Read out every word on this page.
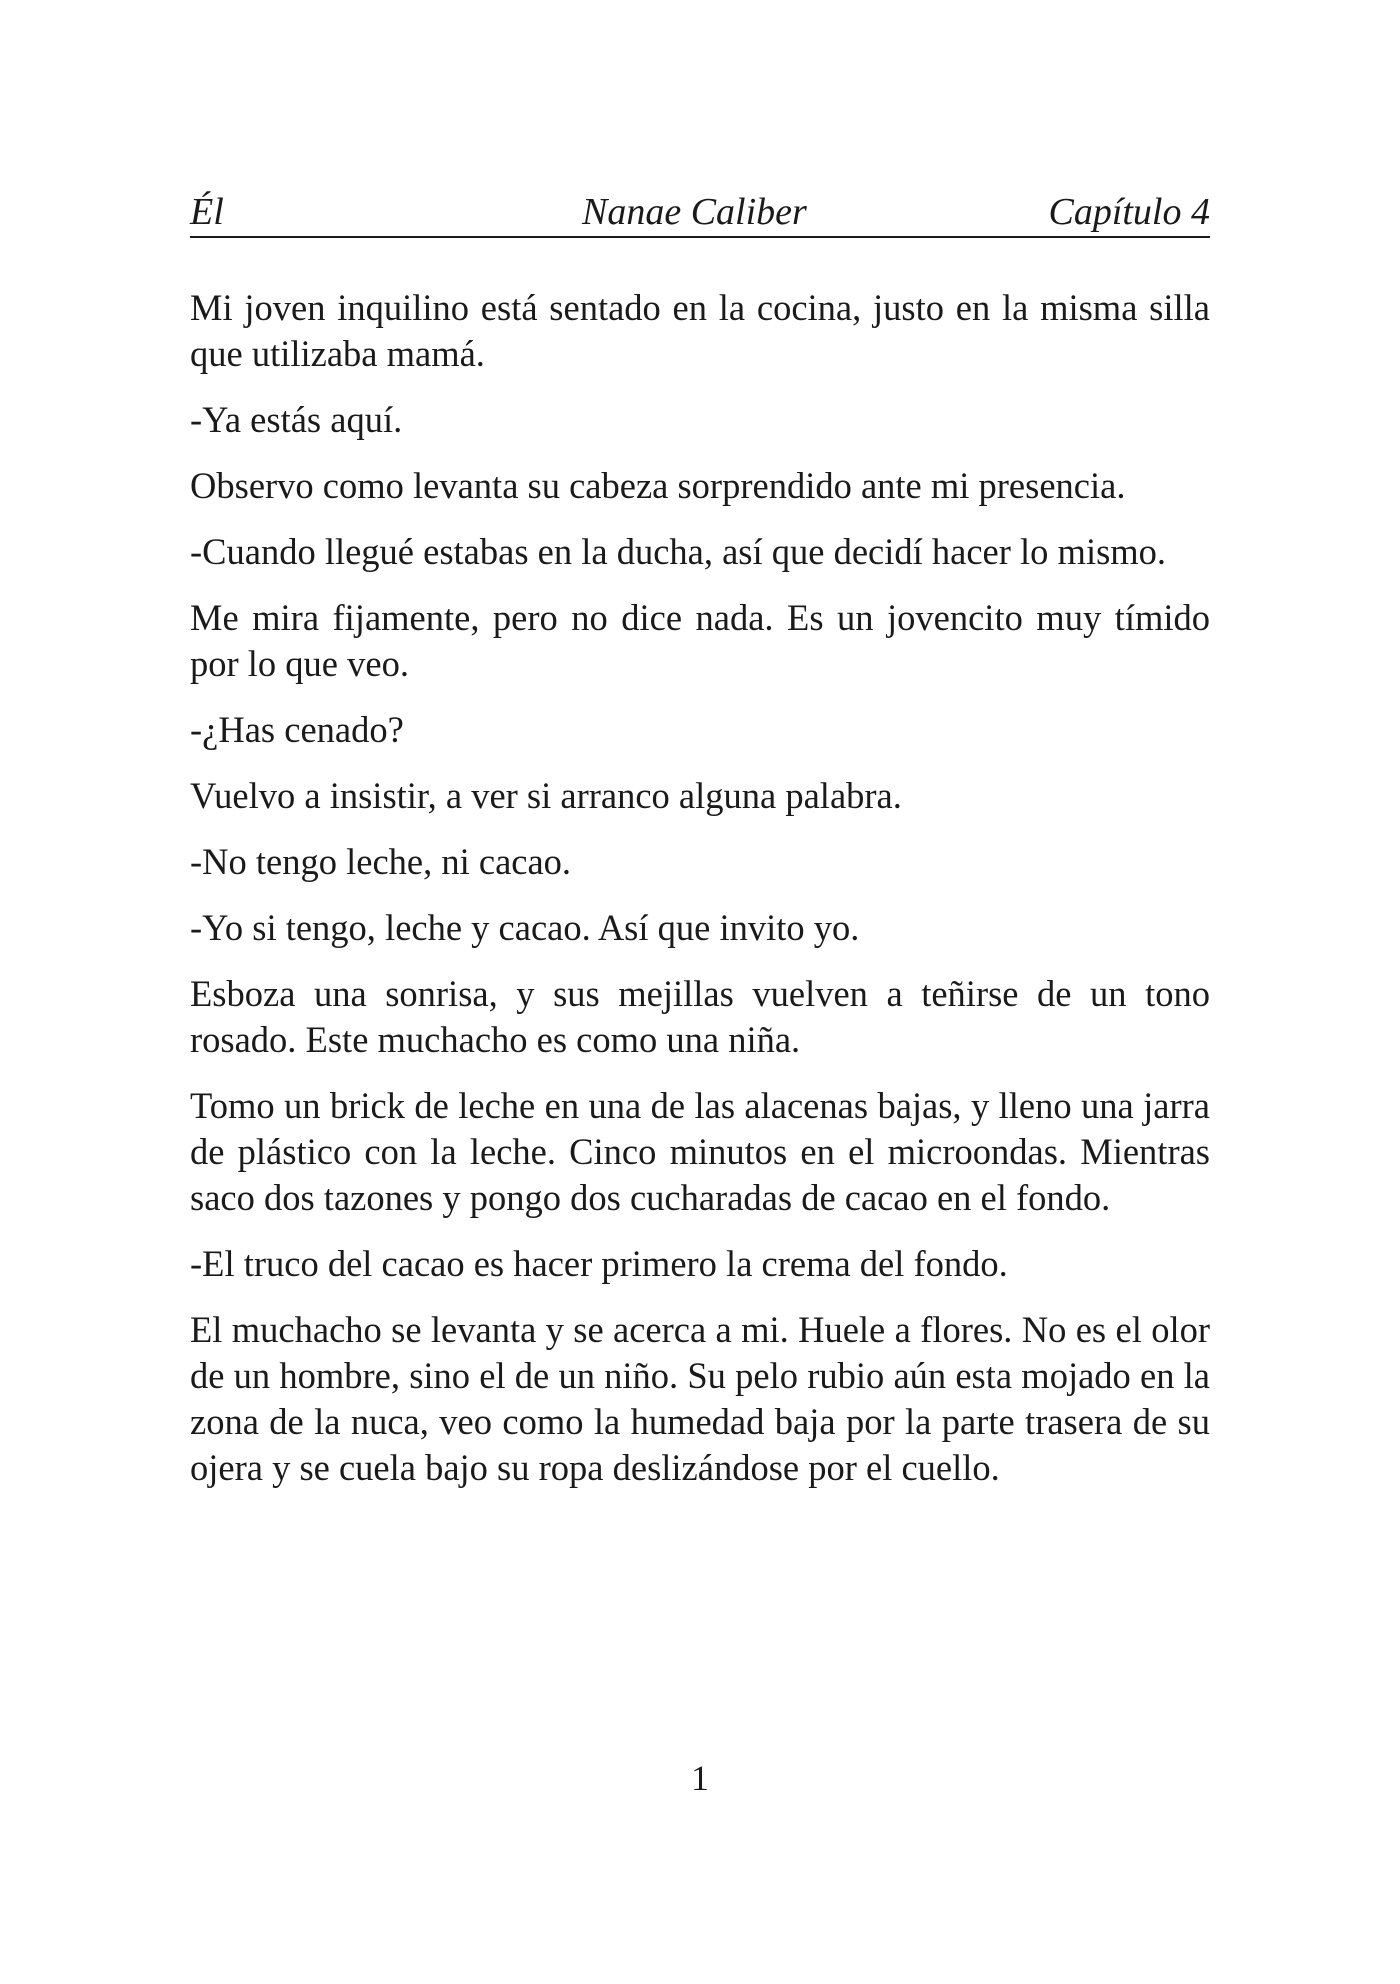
Él	Nanae Caliber	Capítulo 4

Mi joven inquilino está sentado en la cocina, justo en la misma silla que utilizaba mamá.

-Ya estás aquí.

Observo como levanta su cabeza sorprendido ante mi presencia.

-Cuando llegué estabas en la ducha, así que decidí hacer lo mismo.

Me mira fijamente, pero no dice nada. Es un jovencito muy tímido por lo que veo.

-¿Has cenado?

Vuelvo a insistir, a ver si arranco alguna palabra.

-No tengo leche, ni cacao.

-Yo si tengo, leche y cacao. Así que invito yo.

Esboza una sonrisa, y sus mejillas vuelven a teñirse de un tono rosado. Este muchacho es como una niña.

Tomo un brick de leche en una de las alacenas bajas, y lleno una jarra de plástico con la leche. Cinco minutos en el microondas. Mientras saco dos tazones y pongo dos cucharadas de cacao en el fondo.

-El truco del cacao es hacer primero la crema del fondo.

El muchacho se levanta y se acerca a mi. Huele a flores. No es el olor de un hombre, sino el de un niño. Su pelo rubio aún esta mojado en la zona de la nuca, veo como la humedad baja por la parte trasera de su ojera y se cuela bajo su ropa deslizándose por el cuello.

1
